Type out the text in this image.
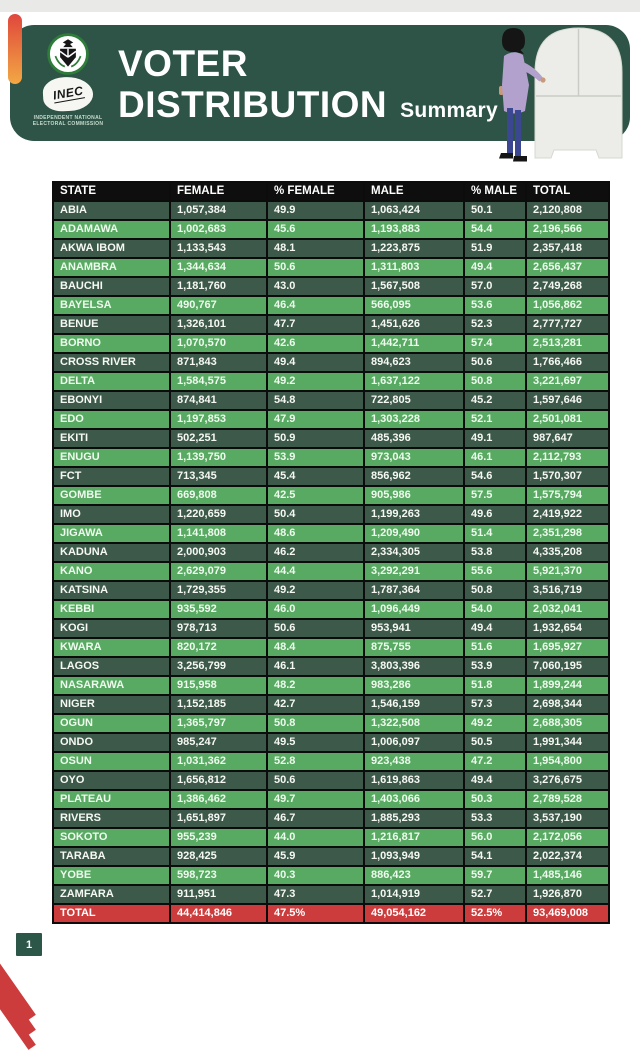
INEC
INDEPENDENT NATIONAL
ELECTORAL COMMISSION
VOTER
DISTRIBUTION Summary
STATE	FEMALE	% FEMALE	MALE	% MALE	TOTAL
ABIA	1,057,384	49.9	1,063,424	50.1	2,120,808
ADAMAWA	1,002,683	45.6	1,193,883	54.4	2,196,566
AKWA IBOM	1,133,543	48.1	1,223,875	51.9	2,357,418
ANAMBRA	1,344,634	50.6	1,311,803	49.4	2,656,437
BAUCHI	1,181,760	43.0	1,567,508	57.0	2,749,268
BAYELSA	490,767	46.4	566,095	53.6	1,056,862
BENUE	1,326,101	47.7	1,451,626	52.3	2,777,727
BORNO	1,070,570	42.6	1,442,711	57.4	2,513,281
CROSS RIVER	871,843	49.4	894,623	50.6	1,766,466
DELTA	1,584,575	49.2	1,637,122	50.8	3,221,697
EBONYI	874,841	54.8	722,805	45.2	1,597,646
EDO	1,197,853	47.9	1,303,228	52.1	2,501,081
EKITI	502,251	50.9	485,396	49.1	987,647
ENUGU	1,139,750	53.9	973,043	46.1	2,112,793
FCT	713,345	45.4	856,962	54.6	1,570,307
GOMBE	669,808	42.5	905,986	57.5	1,575,794
IMO	1,220,659	50.4	1,199,263	49.6	2,419,922
JIGAWA	1,141,808	48.6	1,209,490	51.4	2,351,298
KADUNA	2,000,903	46.2	2,334,305	53.8	4,335,208
KANO	2,629,079	44.4	3,292,291	55.6	5,921,370
KATSINA	1,729,355	49.2	1,787,364	50.8	3,516,719
KEBBI	935,592	46.0	1,096,449	54.0	2,032,041
KOGI	978,713	50.6	953,941	49.4	1,932,654
KWARA	820,172	48.4	875,755	51.6	1,695,927
LAGOS	3,256,799	46.1	3,803,396	53.9	7,060,195
NASARAWA	915,958	48.2	983,286	51.8	1,899,244
NIGER	1,152,185	42.7	1,546,159	57.3	2,698,344
OGUN	1,365,797	50.8	1,322,508	49.2	2,688,305
ONDO	985,247	49.5	1,006,097	50.5	1,991,344
OSUN	1,031,362	52.8	923,438	47.2	1,954,800
OYO	1,656,812	50.6	1,619,863	49.4	3,276,675
PLATEAU	1,386,462	49.7	1,403,066	50.3	2,789,528
RIVERS	1,651,897	46.7	1,885,293	53.3	3,537,190
SOKOTO	955,239	44.0	1,216,817	56.0	2,172,056
TARABA	928,425	45.9	1,093,949	54.1	2,022,374
YOBE	598,723	40.3	886,423	59.7	1,485,146
ZAMFARA	911,951	47.3	1,014,919	52.7	1,926,870
TOTAL	44,414,846	47.5%	49,054,162	52.5%	93,469,008
1
